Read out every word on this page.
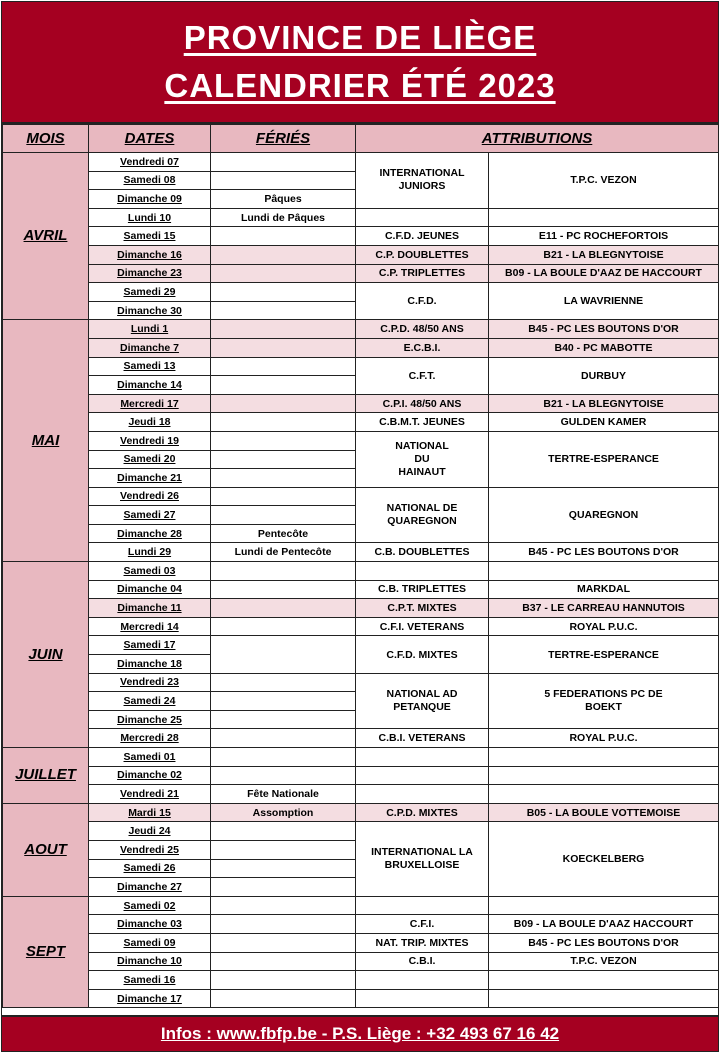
PROVINCE DE LIÈGE
CALENDRIER ÉTÉ 2023
MOIS	DATES	FÉRIÉS	ATTRIBUTIONS	
AVRIL	Vendredi 07		INTERNATIONAL JUNIORS	T.P.C. VEZON
	Samedi 08			
	Dimanche 09	Pâques		
	Lundi 10	Lundi de Pâques		
	Samedi 15		C.F.D. JEUNES	E11 - PC ROCHEFORTOIS
	Dimanche 16		C.P. DOUBLETTES	B21 - LA BLEGNYTOISE
	Dimanche 23		C.P. TRIPLETTES	B09 - LA BOULE D'AAZ DE HACCOURT
	Samedi 29		C.F.D.	LA WAVRIENNE
	Dimanche 30			
MAI	Lundi 1		C.P.D. 48/50 ANS	B45 - PC LES BOUTONS D'OR
	Dimanche 7		E.C.B.I.	B40 - PC MABOTTE
	Samedi 13		C.F.T.	DURBUY
	Dimanche 14			
	Mercredi 17		C.P.I. 48/50 ANS	B21 - LA BLEGNYTOISE
	Jeudi 18		C.B.M.T. JEUNES	GULDEN KAMER
	Vendredi 19		NATIONAL DU HAINAUT	TERTRE-ESPERANCE
	Samedi 20			
	Dimanche 21			
	Vendredi 26		NATIONAL DE QUAREGNON	QUAREGNON
	Samedi 27			
	Dimanche 28	Pentecôte		
	Lundi 29	Lundi de Pentecôte	C.B. DOUBLETTES	B45 - PC LES BOUTONS D'OR
JUIN	Samedi 03			
	Dimanche 04		C.B. TRIPLETTES	MARKDAL
	Dimanche 11		C.P.T. MIXTES	B37 - LE CARREAU HANNUTOIS
	Mercredi 14		C.F.I. VETERANS	ROYAL P.U.C.
	Samedi 17		C.F.D. MIXTES	TERTRE-ESPERANCE
	Dimanche 18			
	Vendredi 23		NATIONAL AD PETANQUE	5 FEDERATIONS PC DE BOEKT
	Samedi 24			
	Dimanche 25			
	Mercredi 28		C.B.I. VETERANS	ROYAL P.U.C.
JUILLET	Samedi 01			
	Dimanche 02			
	Vendredi 21	Fête Nationale		
AOUT	Mardi 15	Assomption	C.P.D. MIXTES	B05 - LA BOULE VOTTEMOISE
	Jeudi 24		INTERNATIONAL LA BRUXELLOISE	KOECKELBERG
	Vendredi 25			
	Samedi 26			
	Dimanche 27			
SEPT	Samedi 02			
	Dimanche 03		C.F.I.	B09 - LA BOULE D'AAZ HACCOURT
	Samedi 09		NAT. TRIP. MIXTES	B45 - PC LES BOUTONS D'OR
	Dimanche 10		C.B.I.	T.P.C. VEZON
	Samedi 16			
	Dimanche 17			
Infos : www.fbfp.be - P.S. Liège : +32 493 67 16 42
